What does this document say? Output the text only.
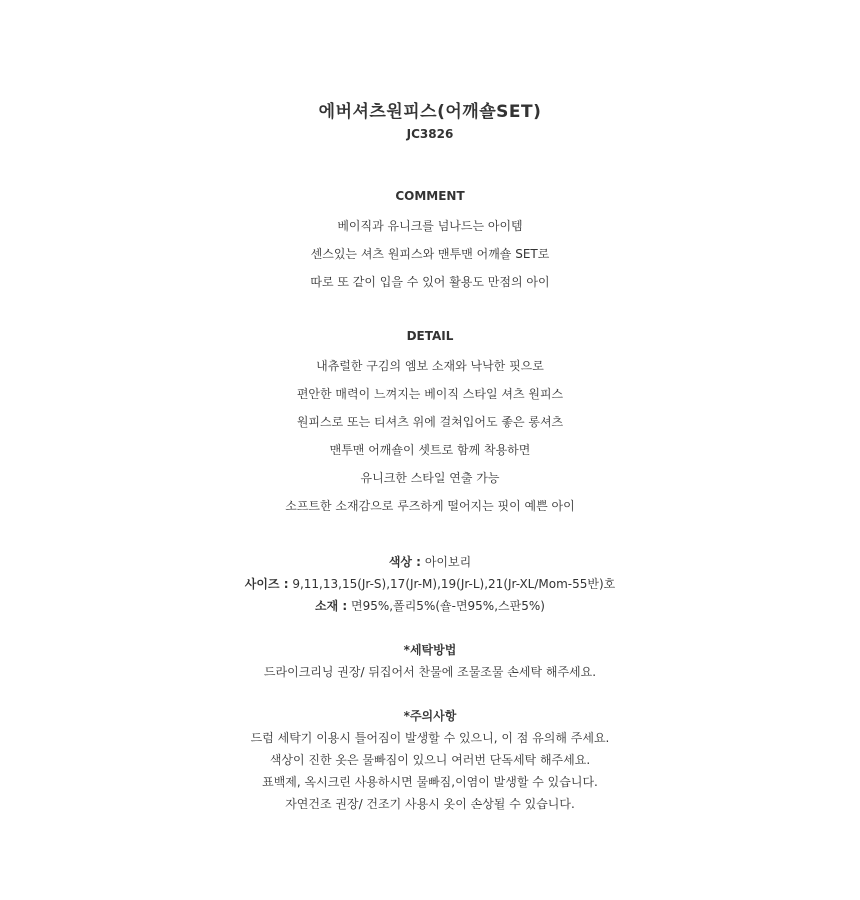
에버셔츠원피스(어깨숄SET)
JC3826
COMMENT
베이직과 유니크를 넘나드는 아이템
센스있는 셔츠 원피스와 맨투맨 어깨숄 SET로
따로 또 같이 입을 수 있어 활용도 만점의 아이
DETAIL
내츄럴한 구김의 엠보 소재와 낙낙한 핏으로
편안한 매력이 느껴지는 베이직 스타일 셔츠 원피스
원피스로 또는 티셔츠 위에 걸쳐입어도 좋은 롱셔츠
맨투맨 어깨숄이 셋트로 함께 착용하면
유니크한 스타일 연출 가능
소프트한 소재감으로 루즈하게 떨어지는 핏이 예쁜 아이
색상 : 아이보리
사이즈 : 9,11,13,15(Jr-S),17(Jr-M),19(Jr-L),21(Jr-XL/Mom-55반)호
소재 : 면95%,폴리5%(숄-면95%,스판5%)
*세탁방법
드라이크리닝 권장/ 뒤집어서 찬물에 조물조물 손세탁 해주세요.
*주의사항
드럼 세탁기 이용시 틀어짐이 발생할 수 있으니, 이 점 유의해 주세요.
색상이 진한 옷은 물빠짐이 있으니 여러번 단독세탁 해주세요.
표백제, 옥시크린 사용하시면 물빠짐,이염이 발생할 수 있습니다.
자연건조 권장/ 건조기 사용시 옷이 손상될 수 있습니다.
